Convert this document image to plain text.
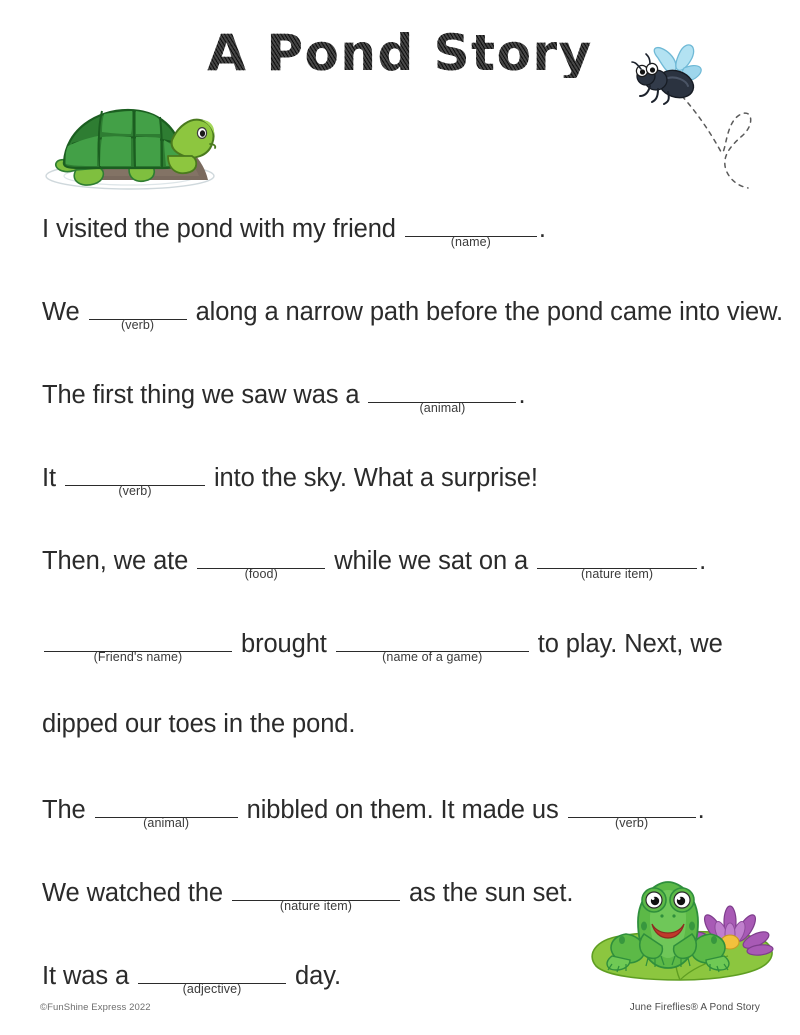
A Pond Story
I visited the pond with my friend	(name)	.
We	(verb)	along a narrow path before the pond came into view.
The first thing we saw was a	(animal)	.
It	(verb)	into the sky. What a surprise!
Then, we ate	(food)	while we sat on a	(nature item)	.
(Friend's name)	brought	(name of a game)	to play. Next, we
dipped our toes in the pond.
The	(animal)	nibbled on them. It made us	(verb)	.
We watched the	(nature item)	as the sun set.
It was a	(adjective)	day.
©FunShine Express 2022	June Fireflies® A Pond Story
